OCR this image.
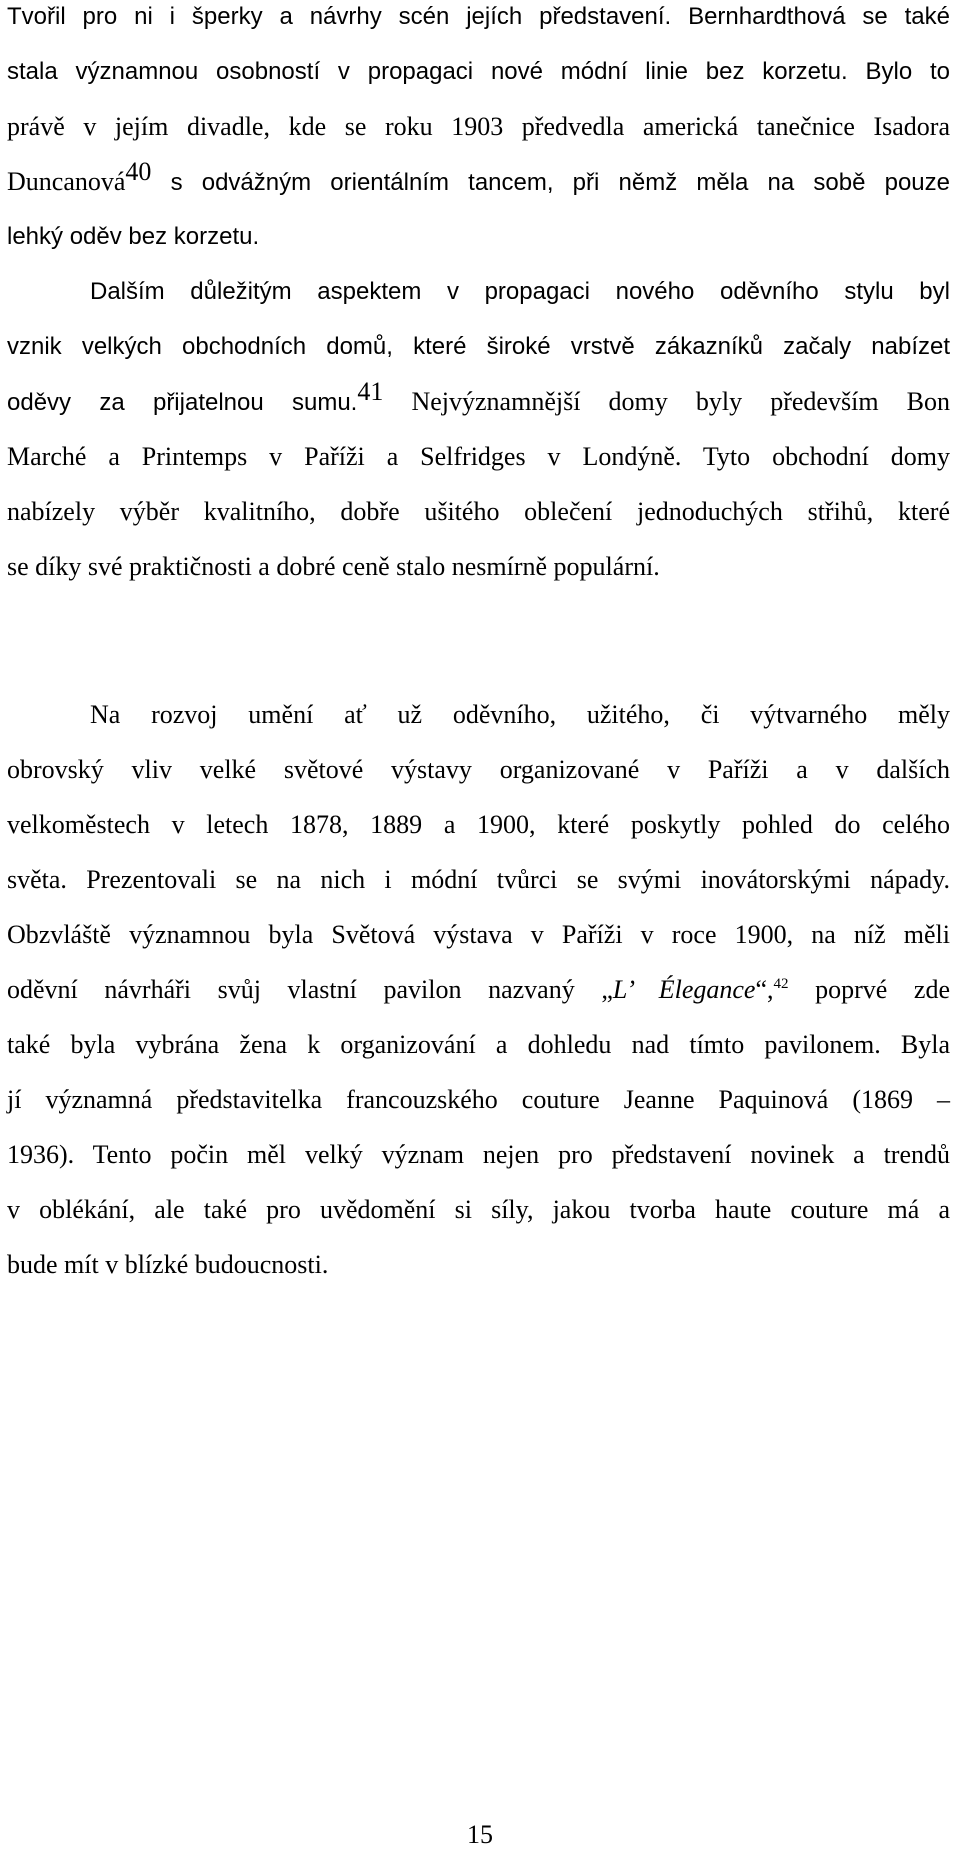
Tvořil pro ni i šperky a návrhy scén jejích představení. Bernhardthová se také
stala významnou osobností v propagaci nové módní linie bez korzetu. Bylo to
právě v jejím divadle, kde se roku 1903 předvedla americká tanečnice Isadora
Duncanová$^{40}$ s odvážným orientálním tancem, při němž měla na sobě pouze
lehký oděv bez korzetu.
Dalším důležitým aspektem v propagaci nového oděvního stylu byl
vznik velkých obchodních domů, které široké vrstvě zákazníků začaly nabízet
oděvy za přijatelnou sumu.$^{41}$ Nejvýznamnější domy byly především Bon
Marché a Printemps v Paříži a Selfridges v Londýně. Tyto obchodní domy
nabízely výběr kvalitního, dobře ušitého oblečení jednoduchých střihů, které
se díky své praktičnosti a dobré ceně stalo nesmírně populární.
Na rozvoj umění ať už oděvního, užitého, či výtvarného měly
obrovský vliv velké světové výstavy organizované v Paříži a v dalších
velkoměstech v letech 1878, 1889 a 1900, které poskytly pohled do celého
světa. Prezentovali se na nich i módní tvůrci se svými inovátorskými nápady.
Obzvláště významnou byla Světová výstava v Paříži v roce 1900, na níž měli
oděvní návrháři svůj vlastní pavilon nazvaný „L’ Élegance“,$^{42}$ poprvé zde
také byla vybrána žena k organizování a dohledu nad tímto pavilonem. Byla
jí významná představitelka francouzského couture Jeanne Paquinová (1869 –
1936). Tento počin měl velký význam nejen pro představení novinek a trendů
v oblékání, ale také pro uvědomění si síly, jakou tvorba haute couture má a
bude mít v blízké budoucnosti.
15
